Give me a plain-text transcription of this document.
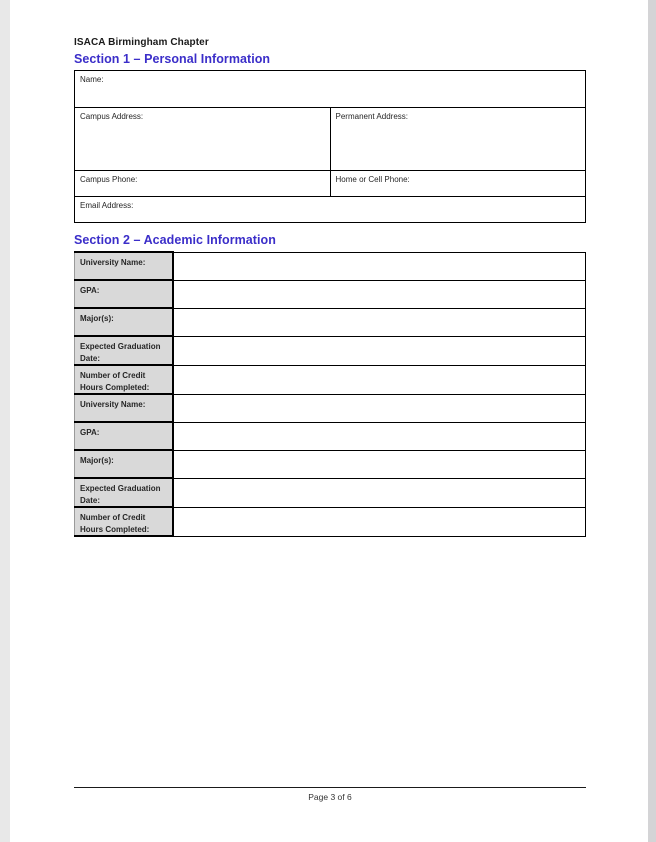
ISACA Birmingham Chapter
Section 1 – Personal Information
Name:	
Campus Address:	Permanent Address:
Campus Phone:	Home or Cell Phone:
Email Address:	
Section 2 – Academic Information
University Name:	
GPA:	
Major(s):	
Expected Graduation Date:	
Number of Credit Hours Completed:	
University Name:	
GPA:	
Major(s):	
Expected Graduation Date:	
Number of Credit Hours Completed:	
Page 3 of 6
